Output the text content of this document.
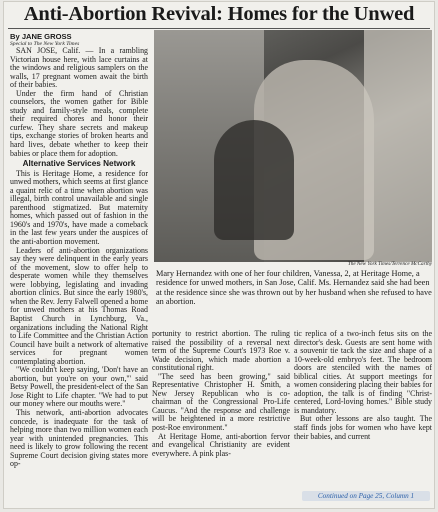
Anti-Abortion Revival: Homes for the Unwed
By JANE GROSS
Special to The New York Times

SAN JOSE, Calif. — In a rambling Victorian house here, with lace curtains at the windows and religious samplers on the walls, 17 pregnant women await the birth of their babies.

Under the firm hand of Christian counselors, the women gather for Bible study and family-style meals, complete their required chores and honor their curfew. They share secrets and makeup tips, exchange stories of broken hearts and hard lives, debate whether to keep their babies or place them for adoption.

Alternative Services Network

This is Heritage Home, a residence for unwed mothers, which seems at first glance a quaint relic of a time when abortion was illegal, birth control unavailable and single parenthood stigmatized. But maternity homes, which passed out of fashion in the 1960's and 1970's, have made a comeback in the last few years under the auspices of the anti-abortion movement.

Leaders of anti-abortion organizations say they were delinquent in the early years of the movement, slow to offer help to desperate women while they themselves were lobbying, legislating and invading abortion clinics. But since the early 1980's, when the Rev. Jerry Falwell opened a home for unwed mothers at his Thomas Road Baptist Church in Lynchburg, Va., organizations including the National Right to Life Committee and the Christian Action Council have built a network of alternative services for pregnant women contemplating abortion.

"We couldn't keep saying, 'Don't have an abortion, but you're on your own,'" said Betsy Powell, the president-elect of the San Jose Right to Life chapter. "We had to put our money where our mouths were."

This network, anti-abortion advocates concede, is inadequate for the task of helping more than two million women each year with unintended pregnancies. This need is likely to grow following the recent Supreme Court decision giving states more op-

The New York Times/Terrence McCarthy
Mary Hernandez with one of her four children, Vanessa, 2, at Heritage Home, a residence for unwed mothers, in San Jose, Calif. Ms. Hernandez said she had been at the residence since she was thrown out by her husband when she refused to have an abortion.

portunity to restrict abortion. The ruling raised the possibility of a reversal next term of the Supreme Court's 1973 Roe v. Wade decision, which made abortion a constitutional right.

"The seed has been growing," said Representative Christopher H. Smith, a New Jersey Republican who is co-chairman of the Congressional Pro-Life Caucus. "And the response and challenge will be heightened in a more restrictive post-Roe environment."

At Heritage Home, anti-abortion fervor and evangelical Christianity are evident everywhere. A pink plas-

tic replica of a two-inch fetus sits on the director's desk. Guests are sent home with a souvenir tie tack the size and shape of a 10-week-old embryo's feet. The bedroom doors are stenciled with the names of biblical cities. At support meetings for women considering placing their babies for adoption, the talk is of finding "Christ-centered, Lord-loving homes." Bible study is mandatory.

But other lessons are also taught. The staff finds jobs for women who have kept their babies, and current

Continued on Page 25, Column 1
